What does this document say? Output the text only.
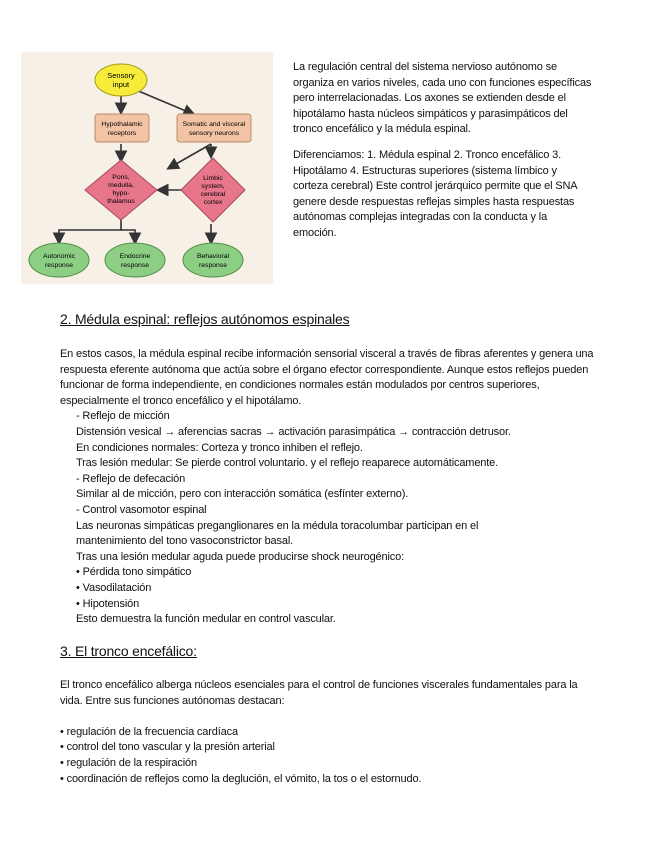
Sensory
input
Hypothalamic
receptors
Somatic and visceral
sensory neurons
Pons,
medulla,
hypo-
thalamus
Limbic
system,
cerebral
cortex
Autonomic
response
Endocrine
response
Behavioral
response

La regulación central del sistema nervioso autónomo se organiza en varios niveles, cada uno con funciones específicas pero interrelacionadas. Los axones se extienden desde el hipotálamo hasta núcleos simpáticos y parasimpáticos del tronco encefálico y la médula espinal.

Diferenciamos: 1. Médula espinal 2. Tronco encefálico 3. Hipotálamo 4. Estructuras superiores (sistema límbico y corteza cerebral) Este control jerárquico permite que el SNA genere desde respuestas reflejas simples hasta respuestas autónomas complejas integradas con la conducta y la emoción.

2. Médula espinal: reflejos autónomos espinales

En estos casos, la médula espinal recibe información sensorial visceral a través de fibras aferentes y genera una respuesta eferente autónoma que actúa sobre el órgano efector correspondiente. Aunque estos reflejos pueden funcionar de forma independiente, en condiciones normales están modulados por centros superiores, especialmente el tronco encefálico y el hipotálamo.

- Reflejo de micción

Distensión vesical → aferencias sacras → activación parasimpática → contracción detrusor.

En condiciones normales: Corteza y tronco inhiben el reflejo.

Tras lesión medular: Se pierde control voluntario. y el reflejo reaparece automáticamente.

- Reflejo de defecación

Similar al de micción, pero con interacción somática (esfínter externo).

- Control vasomotor espinal

Las neuronas simpáticas preganglionares en la médula toracolumbar participan en el

mantenimiento del tono vasoconstrictor basal.

Tras una lesión medular aguda puede producirse shock neurogénico:

• Pérdida tono simpático

• Vasodilatación

• Hipotensión

Esto demuestra la función medular en control vascular.

3. El tronco encefálico:

El tronco encefálico alberga núcleos esenciales para el control de funciones viscerales fundamentales para la vida. Entre sus funciones autónomas destacan:

• regulación de la frecuencia cardíaca

• control del tono vascular y la presión arterial

• regulación de la respiración

• coordinación de reflejos como la deglución, el vómito, la tos o el estornudo.
